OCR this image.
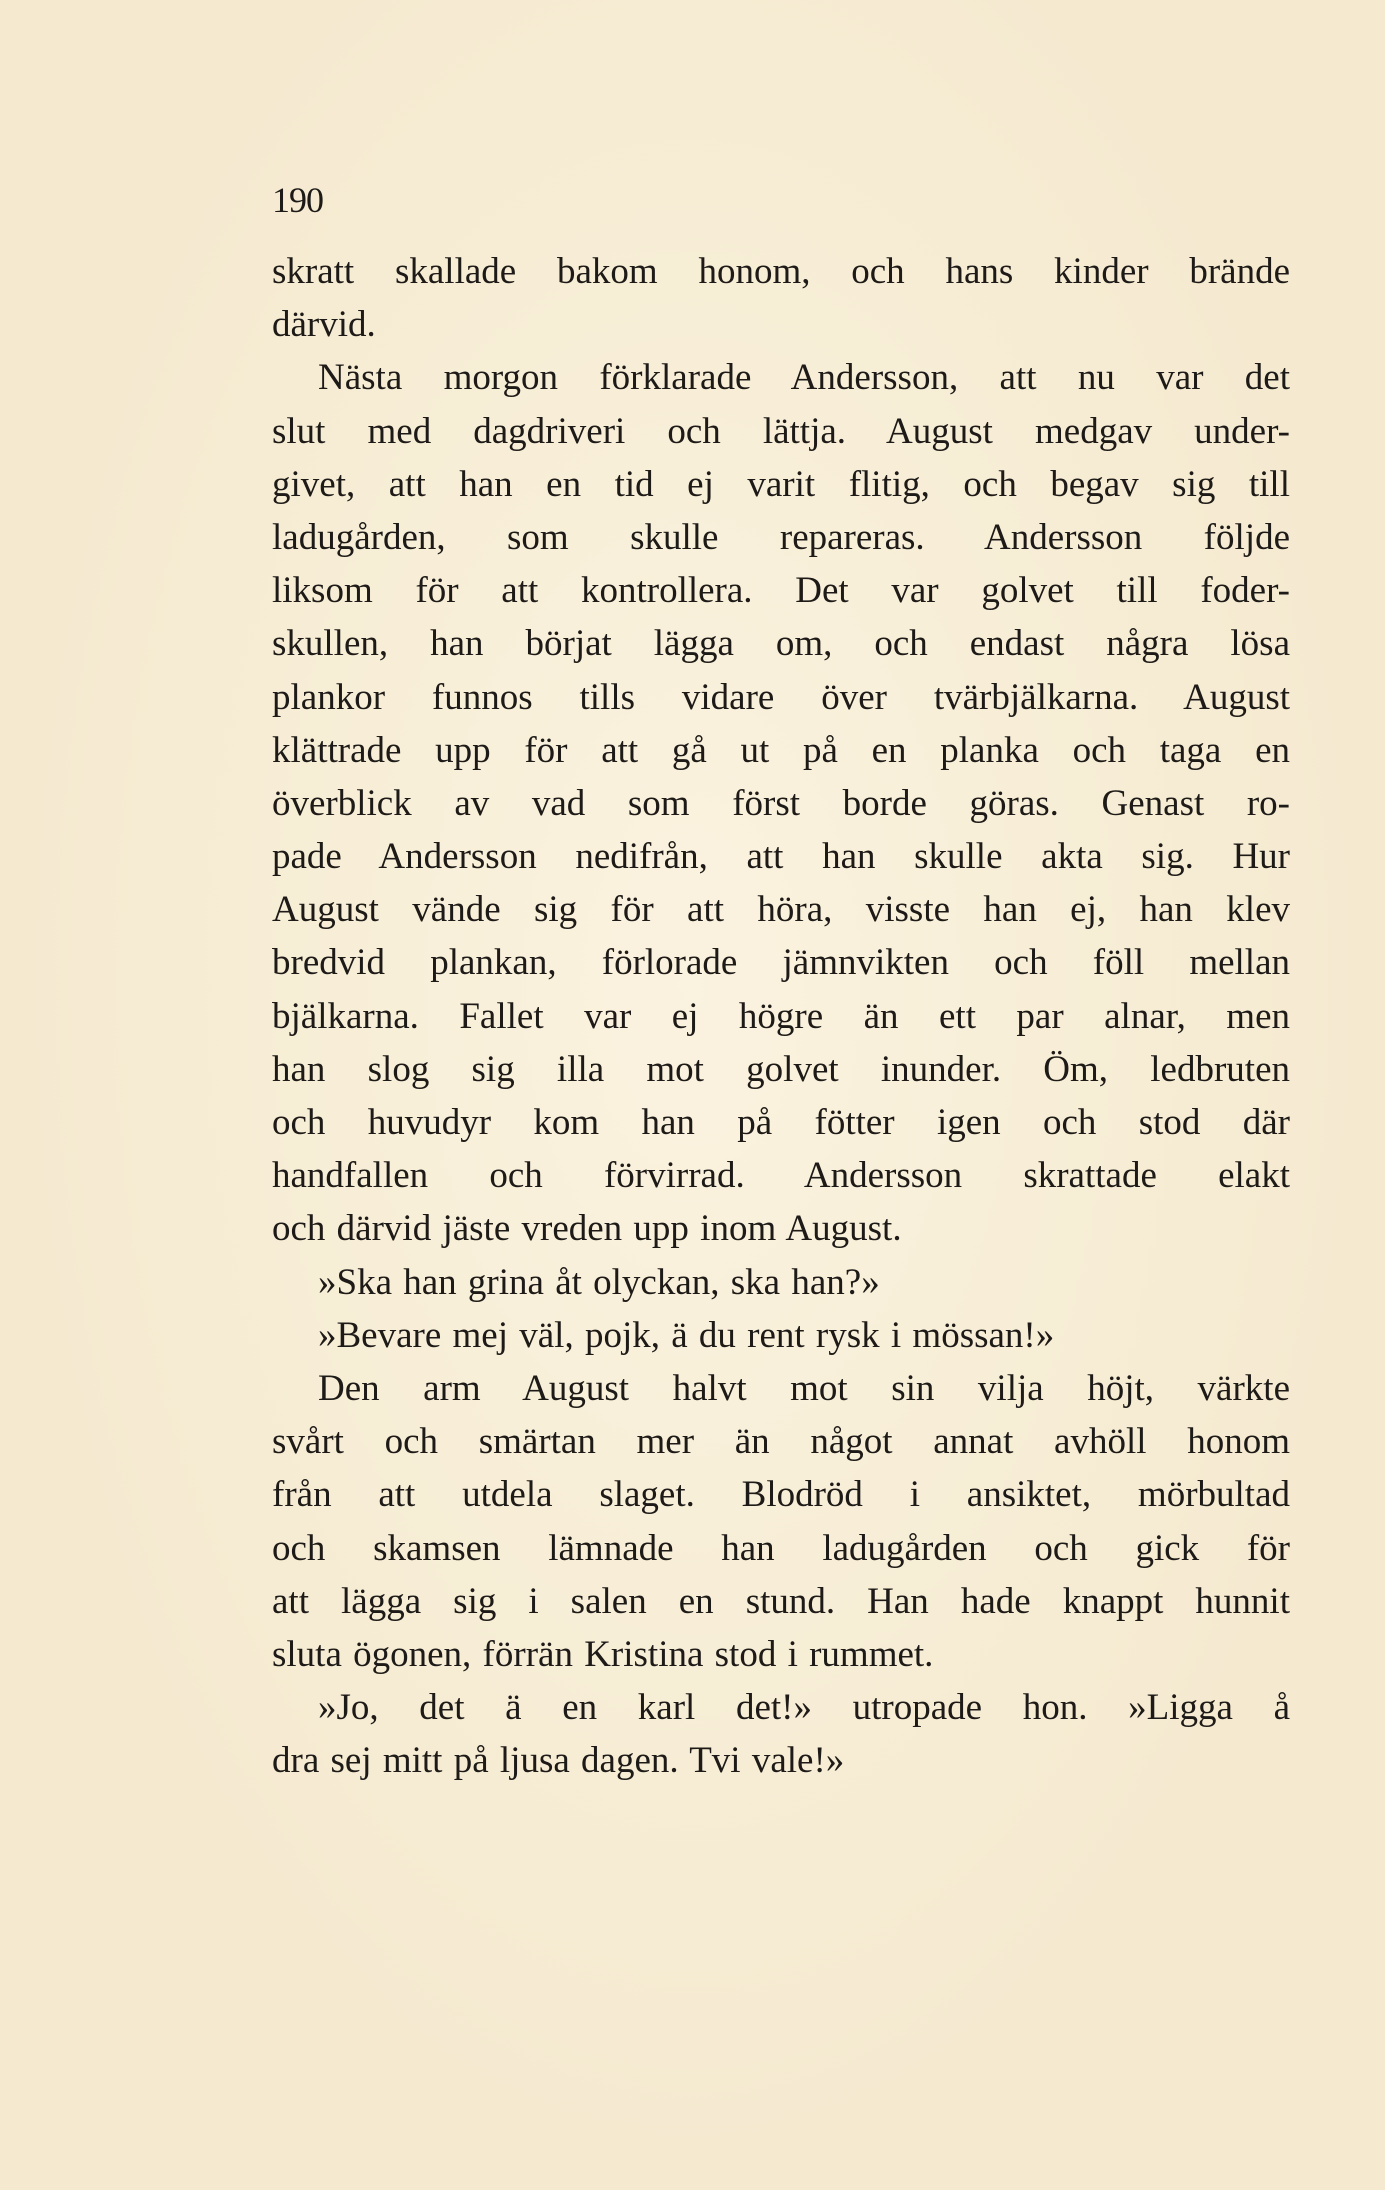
190
skratt skallade bakom honom, och hans kinder brände
därvid.
Nästa morgon förklarade Andersson, att nu var det
slut med dagdriveri och lättja. August medgav under-
givet, att han en tid ej varit flitig, och begav sig till
ladugården, som skulle repareras. Andersson följde
liksom för att kontrollera. Det var golvet till foder-
skullen, han börjat lägga om, och endast några lösa
plankor funnos tills vidare över tvärbjälkarna. August
klättrade upp för att gå ut på en planka och taga en
överblick av vad som först borde göras. Genast ro-
pade Andersson nedifrån, att han skulle akta sig. Hur
August vände sig för att höra, visste han ej, han klev
bredvid plankan, förlorade jämnvikten och föll mellan
bjälkarna. Fallet var ej högre än ett par alnar, men
han slog sig illa mot golvet inunder. Öm, ledbruten
och huvudyr kom han på fötter igen och stod där
handfallen och förvirrad. Andersson skrattade elakt
och därvid jäste vreden upp inom August.
»Ska han grina åt olyckan, ska han?»
»Bevare mej väl, pojk, ä du rent rysk i mössan!»
Den arm August halvt mot sin vilja höjt, värkte
svårt och smärtan mer än något annat avhöll honom
från att utdela slaget. Blodröd i ansiktet, mörbultad
och skamsen lämnade han ladugården och gick för
att lägga sig i salen en stund. Han hade knappt hunnit
sluta ögonen, förrän Kristina stod i rummet.
»Jo, det ä en karl det!» utropade hon. »Ligga å
dra sej mitt på ljusa dagen. Tvi vale!»
